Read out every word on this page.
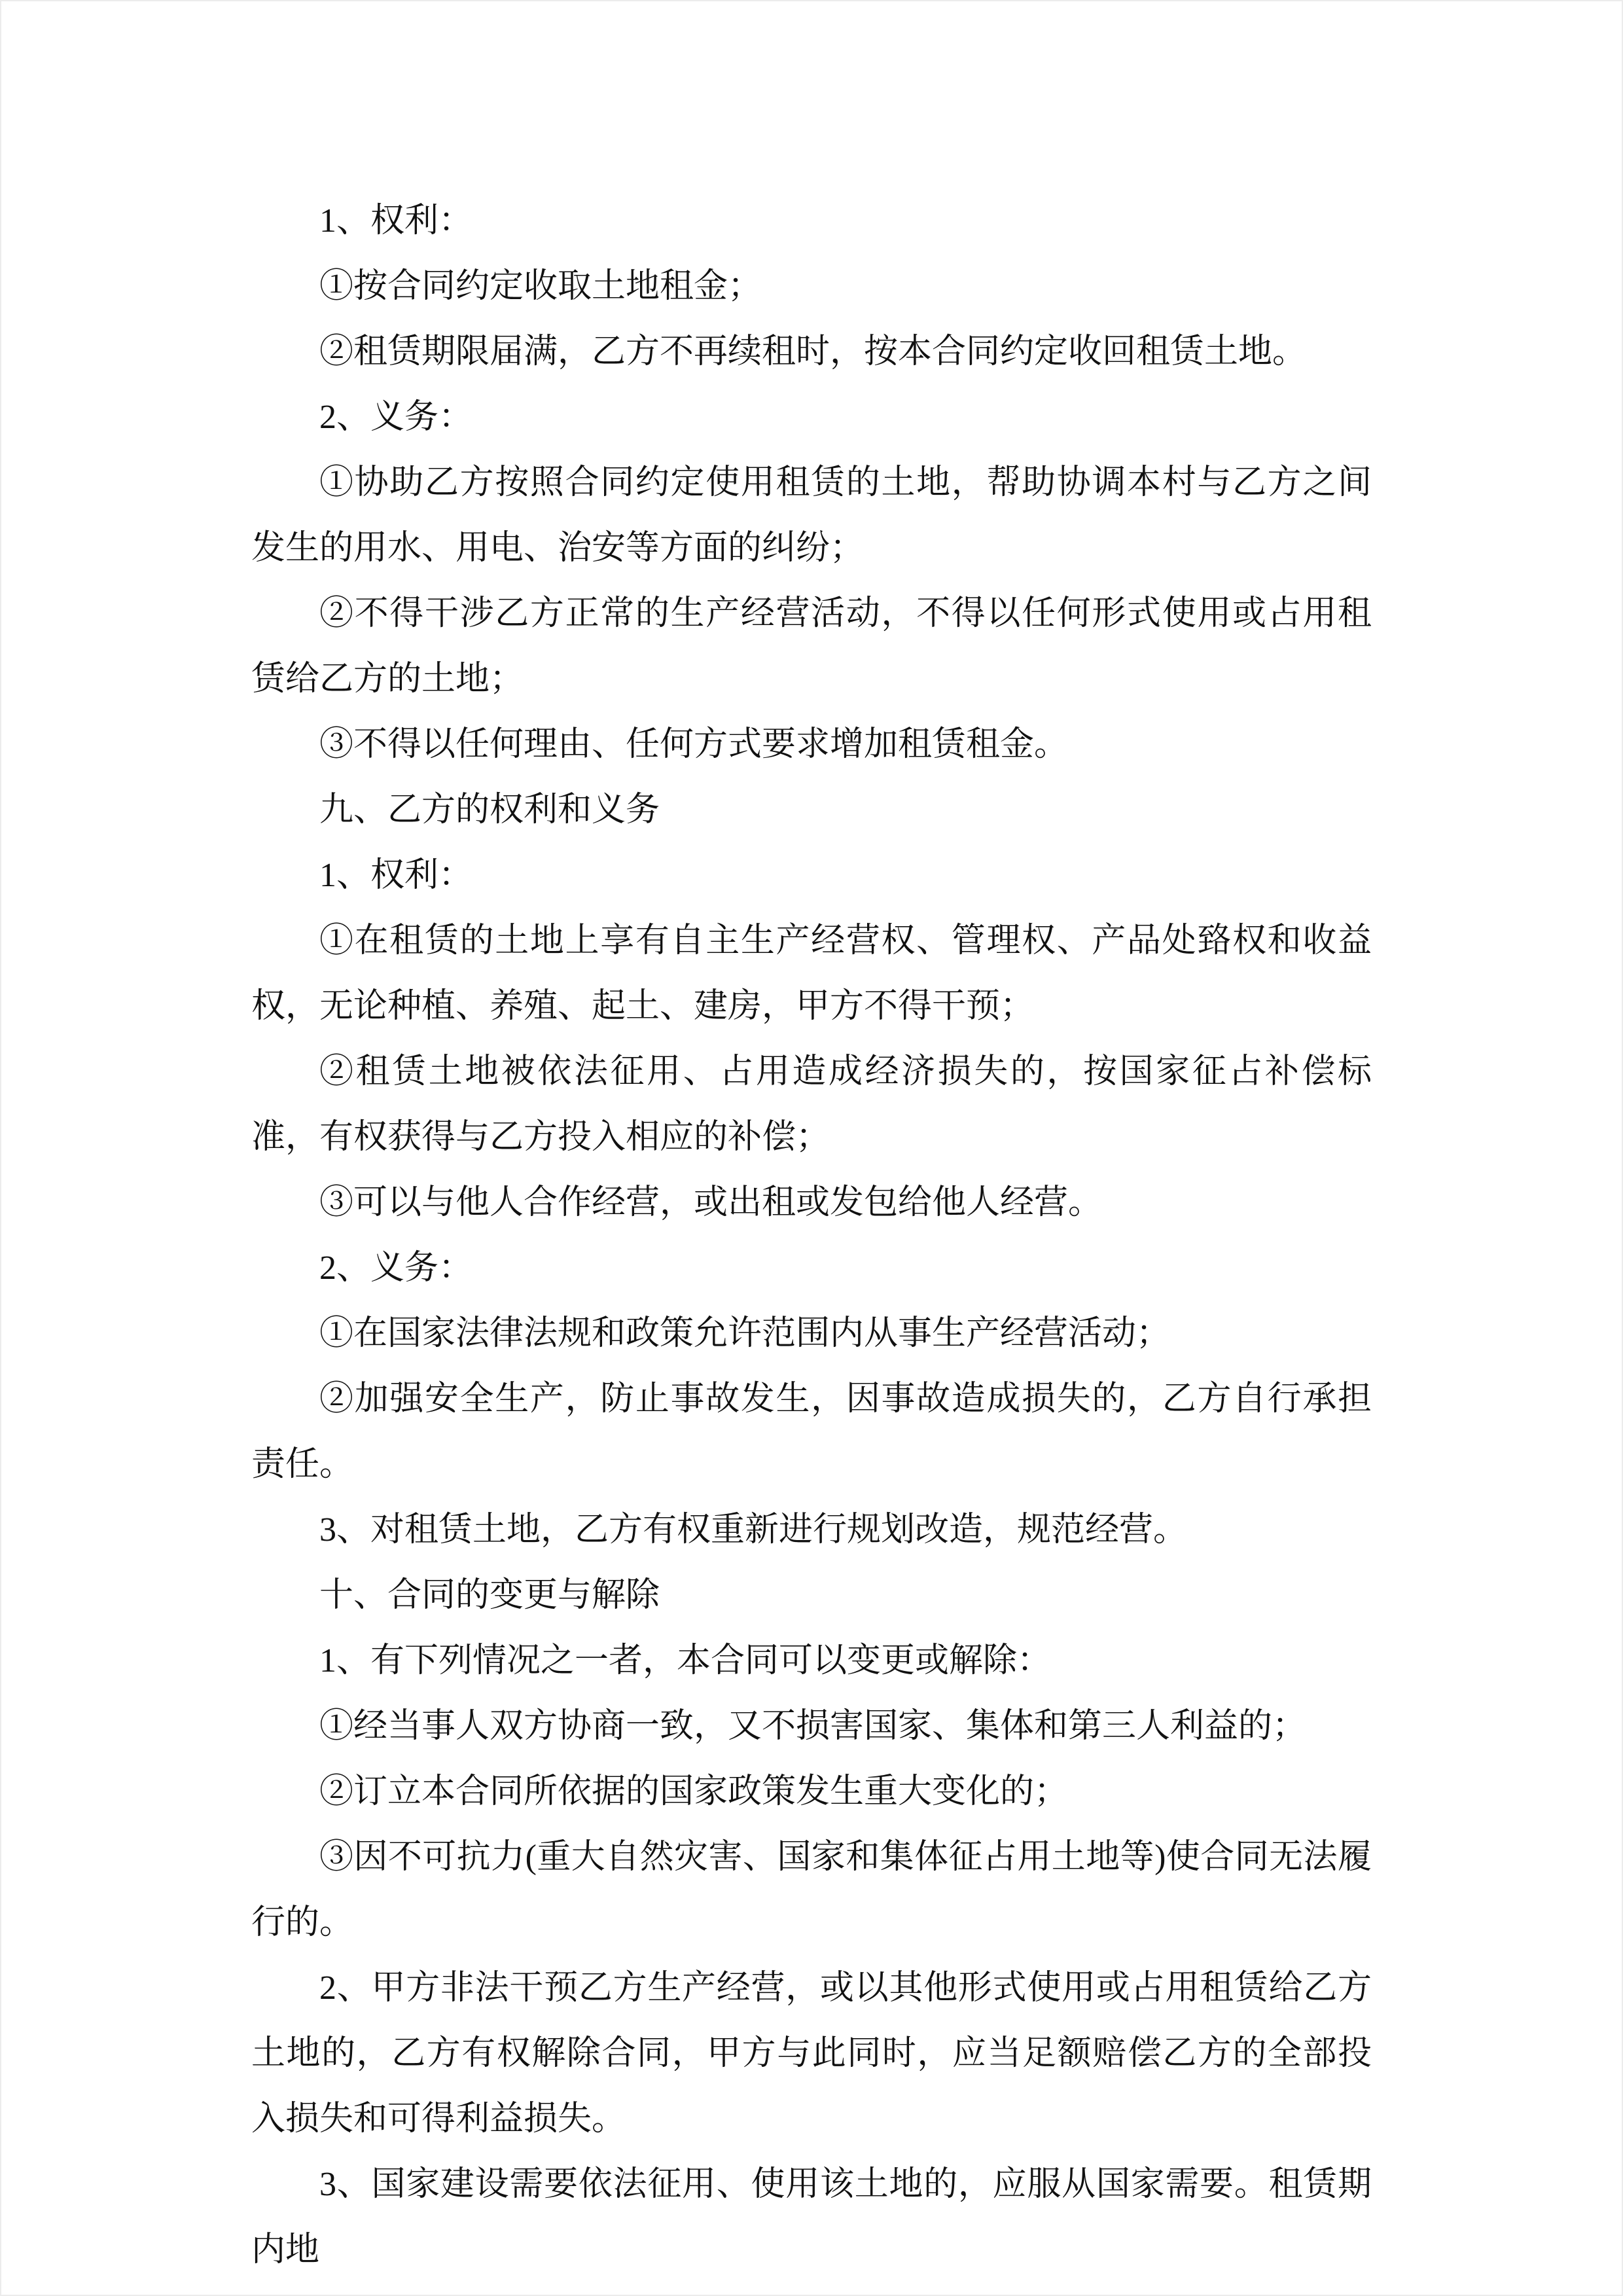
1、权利：

①按合同约定收取土地租金；

②租赁期限届满，乙方不再续租时，按本合同约定收回租赁土地。

2、义务：

①协助乙方按照合同约定使用租赁的土地，帮助协调本村与乙方之间发生的用水、用电、治安等方面的纠纷；

②不得干涉乙方正常的生产经营活动，不得以任何形式使用或占用租赁给乙方的土地；

③不得以任何理由、任何方式要求增加租赁租金。

九、乙方的权利和义务

1、权利：

①在租赁的土地上享有自主生产经营权、管理权、产品处臵权和收益权，无论种植、养殖、起土、建房，甲方不得干预；

②租赁土地被依法征用、占用造成经济损失的，按国家征占补偿标准，有权获得与乙方投入相应的补偿；

③可以与他人合作经营，或出租或发包给他人经营。

2、义务：

①在国家法律法规和政策允许范围内从事生产经营活动；

②加强安全生产，防止事故发生，因事故造成损失的，乙方自行承担责任。

3、对租赁土地，乙方有权重新进行规划改造，规范经营。

十、合同的变更与解除

1、有下列情况之一者，本合同可以变更或解除：

①经当事人双方协商一致，又不损害国家、集体和第三人利益的；

②订立本合同所依据的国家政策发生重大变化的；

③因不可抗力(重大自然灾害、国家和集体征占用土地等)使合同无法履行的。

2、甲方非法干预乙方生产经营，或以其他形式使用或占用租赁给乙方土地的，乙方有权解除合同，甲方与此同时，应当足额赔偿乙方的全部投入损失和可得利益损失。

3、国家建设需要依法征用、使用该土地的，应服从国家需要。租赁期内地
